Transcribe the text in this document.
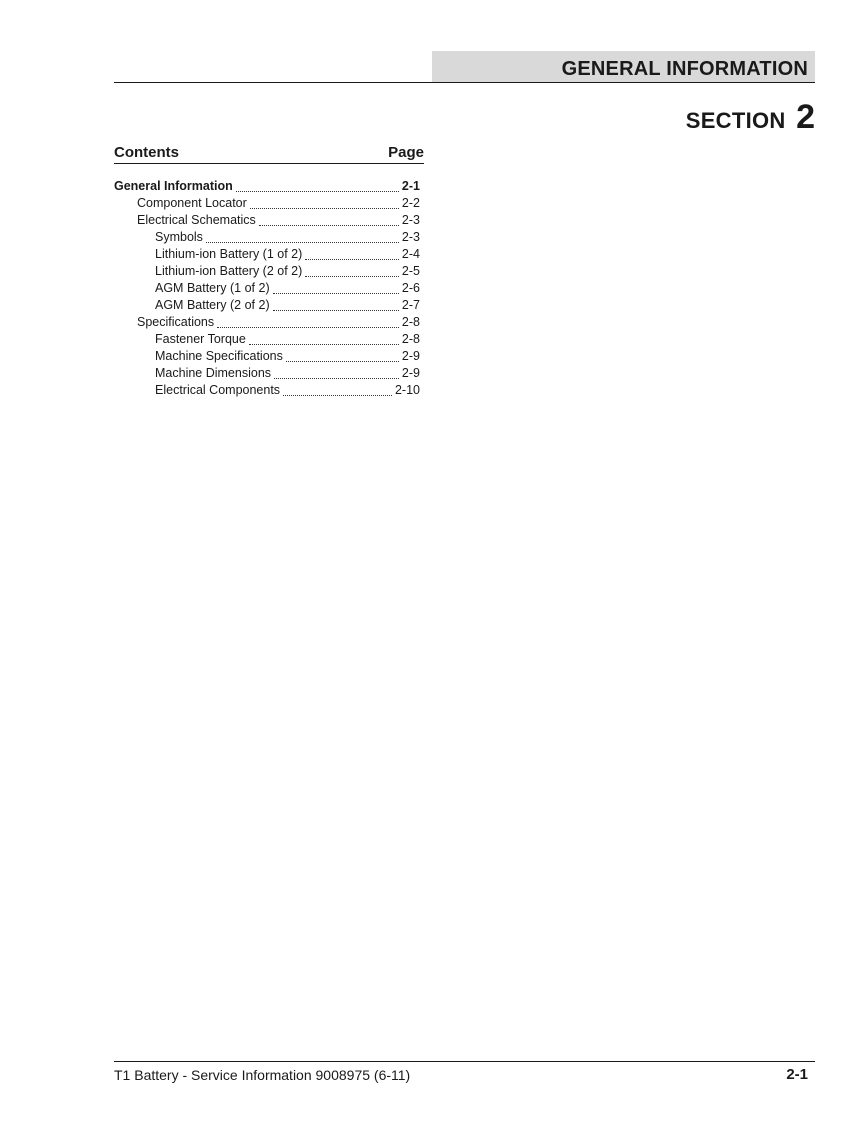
GENERAL INFORMATION
SECTION 2
Contents	Page
General Information	2-1
Component Locator	2-2
Electrical Schematics	2-3
Symbols	2-3
Lithium-ion Battery (1 of 2)	2-4
Lithium-ion Battery (2 of 2)	2-5
AGM Battery (1 of 2)	2-6
AGM Battery (2 of 2)	2-7
Specifications	2-8
Fastener Torque	2-8
Machine Specifications	2-9
Machine Dimensions	2-9
Electrical Components	2-10
T1 Battery - Service Information 9008975 (6-11)	2-1
